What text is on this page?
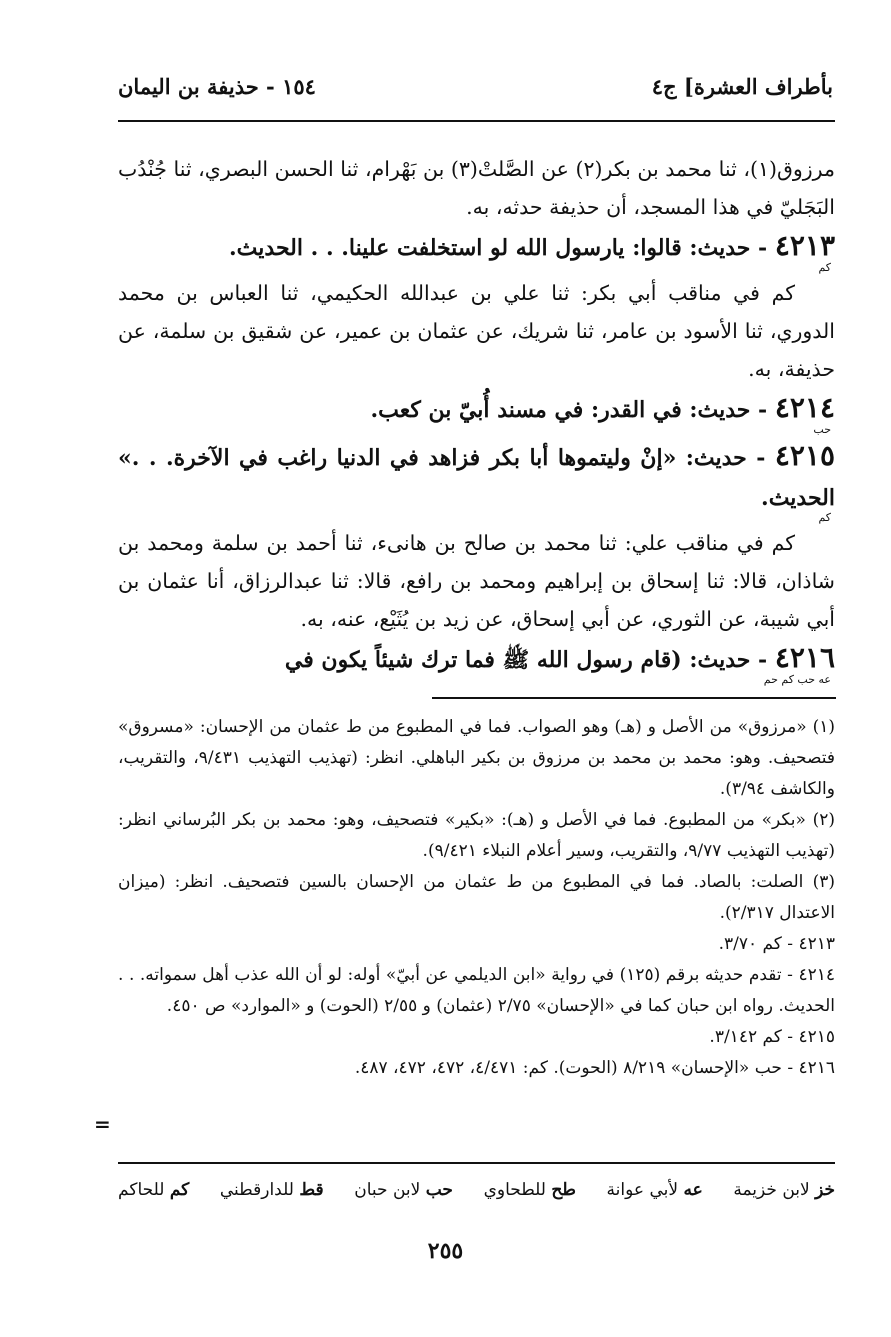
بأطراف العشرة] ج٤
١٥٤ - حذيفة بن اليمان

مرزوق(١)، ثنا محمد بن بكر(٢) عن الصَّلتْ(٣) بن بَهْرام، ثنا الحسن البصري، ثنا جُنْدُب البَجَليّ في هذا المسجد، أن حذيفة حدثه، به.

٤٢١٣ - حديث: قالوا: يارسول الله لو استخلفت علينا. . . الحديث.

كم

كم في مناقب أبي بكر: ثنا علي بن عبدالله الحكيمي، ثنا العباس بن محمد الدوري، ثنا الأسود بن عامر، ثنا شريك، عن عثمان بن عمير، عن شقيق بن سلمة، عن حذيفة، به.

٤٢١٤ - حديث: في القدر: في مسند أُبيّ بن كعب.

حب

٤٢١٥ - حديث: «إنْ وليتموها أبا بكر فزاهد في الدنيا راغب في الآخرة. . .» الحديث.

كم

كم في مناقب علي: ثنا محمد بن صالح بن هانىء، ثنا أحمد بن سلمة ومحمد بن شاذان، قالا: ثنا إسحاق بن إبراهيم ومحمد بن رافع، قالا: ثنا عبدالرزاق، أنا عثمان بن أبي شيبة، عن الثوري، عن أبي إسحاق، عن زيد بن يُثَيْع، عنه، به.

٤٢١٦ - حديث: (قام رسول الله ﷺ فما ترك شيئاً يكون في

عه حب كم حم

(١) «مرزوق» من الأصل و (هـ) وهو الصواب. فما في المطبوع من ط عثمان من الإحسان: «مسروق» فتصحيف. وهو: محمد بن محمد بن مرزوق بن بكير الباهلي. انظر: (تهذيب التهذيب ٩/٤٣١، والتقريب، والكاشف ٣/٩٤).

(٢) «بكر» من المطبوع. فما في الأصل و (هـ): «بكير» فتصحيف، وهو: محمد بن بكر البُرساني انظر: (تهذيب التهذيب ٩/٧٧، والتقريب، وسير أعلام النبلاء ٩/٤٢١).

(٣) الصلت: بالصاد. فما في المطبوع من ط عثمان من الإحسان بالسين فتصحيف. انظر: (ميزان الاعتدال ٢/٣١٧).

٤٢١٣ - كم ٣/٧٠.

٤٢١٤ - تقدم حديثه برقم (١٢٥) في رواية «ابن الديلمي عن أبيّ» أوله: لو أن الله عذب أهل سمواته. . . الحديث. رواه ابن حبان كما في «الإحسان» ٢/٧٥ (عثمان) و ٢/٥٥ (الحوت) و «الموارد» ص ٤٥٠.

٤٢١٥ - كم ٣/١٤٢.

٤٢١٦ - حب «الإحسان» ٨/٢١٩ (الحوت). كم: ٤/٤٧١، ٤٧٢، ٤٧٢، ٤٨٧.

=
خز لابن خزيمة
عه لأبي عوانة
طح للطحاوي
حب لابن حبان
قط للدارقطني
كم للحاكم
٢٥٥
